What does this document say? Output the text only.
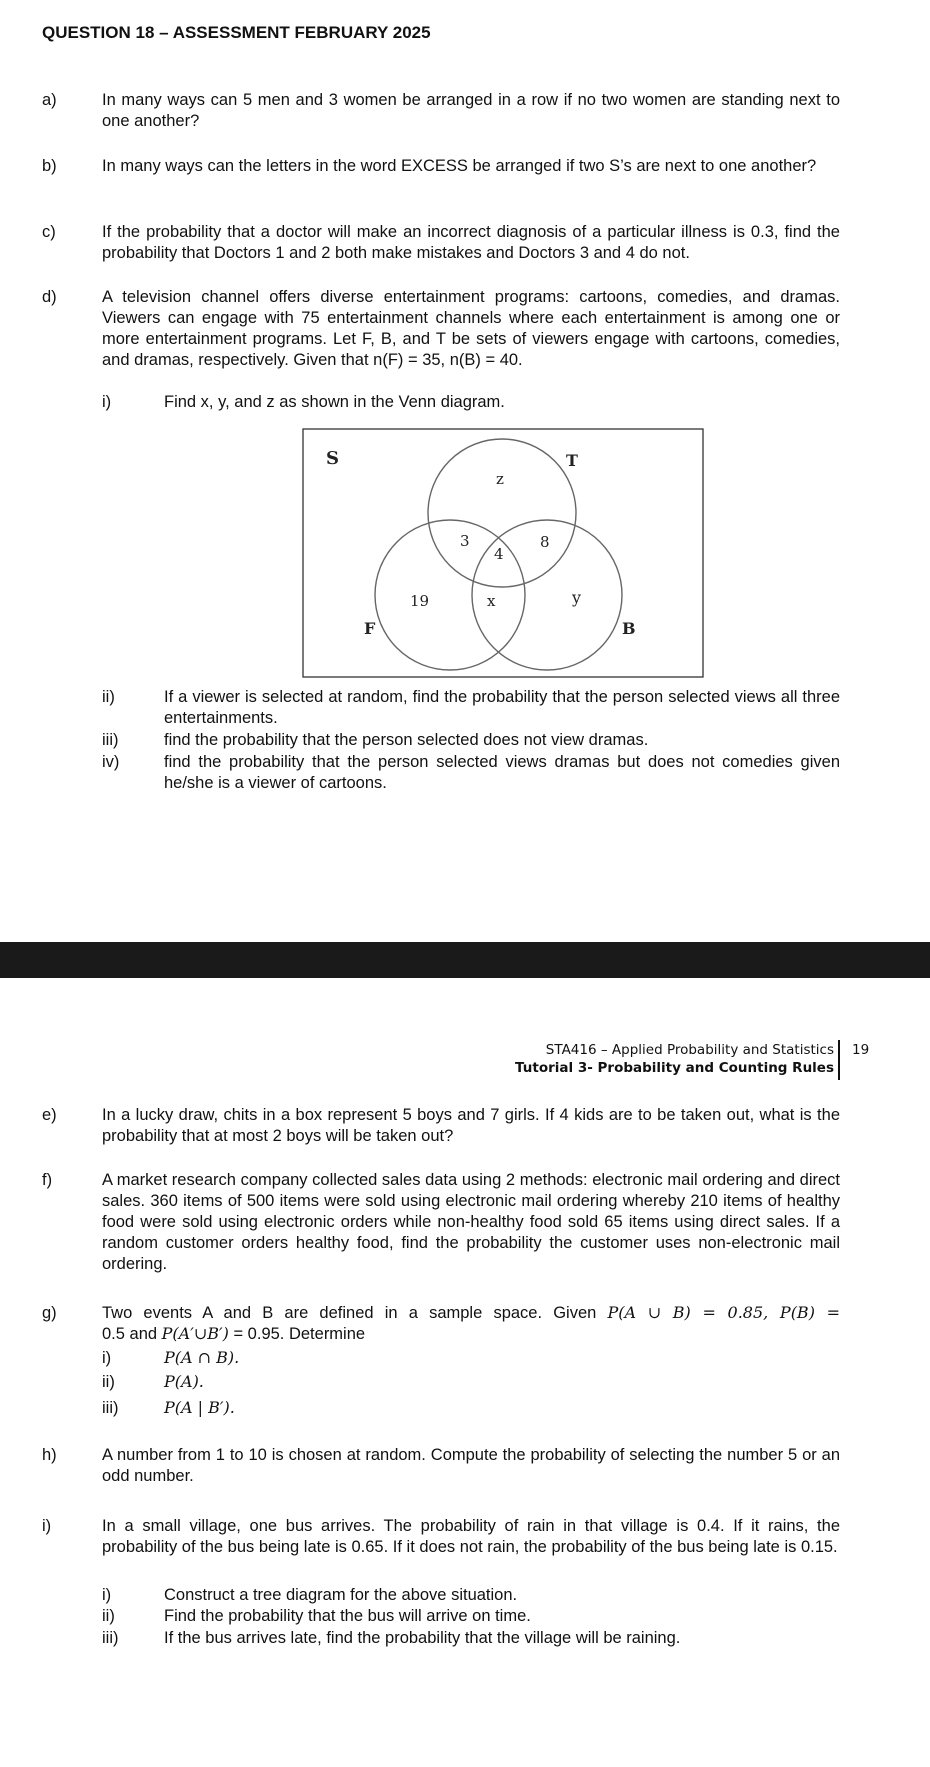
QUESTION 18 – ASSESSMENT FEBRUARY 2025
a)	In many ways can 5 men and 3 women be arranged in a row if no two women are standing next to one another?
b)	In many ways can the letters in the word EXCESS be arranged if two S’s are next to one another?
c)	If the probability that a doctor will make an incorrect diagnosis of a particular illness is 0.3, find the probability that Doctors 1 and 2 both make mistakes and Doctors 3 and 4 do not.
d)	A television channel offers diverse entertainment programs: cartoons, comedies, and dramas. Viewers can engage with 75 entertainment channels where each entertainment is among one or more entertainment programs. Let F, B, and T be sets of viewers engage with cartoons, comedies, and dramas, respectively. Given that n(F) = 35, n(B) = 40.
i)	Find x, y, and z as shown in the Venn diagram.
S	T
F	B
z
3
4
8
19	x	y
ii)	If a viewer is selected at random, find the probability that the person selected views all three entertainments.
iii)	find the probability that the person selected does not view dramas.
iv)	find the probability that the person selected views dramas but does not comedies given he/she is a viewer of cartoons.
STA416 – Applied Probability and Statistics
Tutorial 3- Probability and Counting Rules
19
e)	In a lucky draw, chits in a box represent 5 boys and 7 girls. If 4 kids are to be taken out, what is the probability that at most 2 boys will be taken out?
f)	A market research company collected sales data using 2 methods: electronic mail ordering and direct sales. 360 items of 500 items were sold using electronic mail ordering whereby 210 items of healthy food were sold using electronic orders while non-healthy food sold 65 items using direct sales. If a random customer orders healthy food, find the probability the customer uses non-electronic mail ordering.
g)	Two events A and B are defined in a sample space. Given P(A ∪ B) = 0.85, P(B) =
0.5 and P(A′∪B′) = 0.95. Determine
i)	P(A ∩ B).
ii)	P(A).
iii)	P(A | B′).
h)	A number from 1 to 10 is chosen at random. Compute the probability of selecting the number 5 or an odd number.
i)	In a small village, one bus arrives. The probability of rain in that village is 0.4. If it rains, the probability of the bus being late is 0.65. If it does not rain, the probability of the bus being late is 0.15.
i)	Construct a tree diagram for the above situation.
ii)	Find the probability that the bus will arrive on time.
iii)	If the bus arrives late, find the probability that the village will be raining.
